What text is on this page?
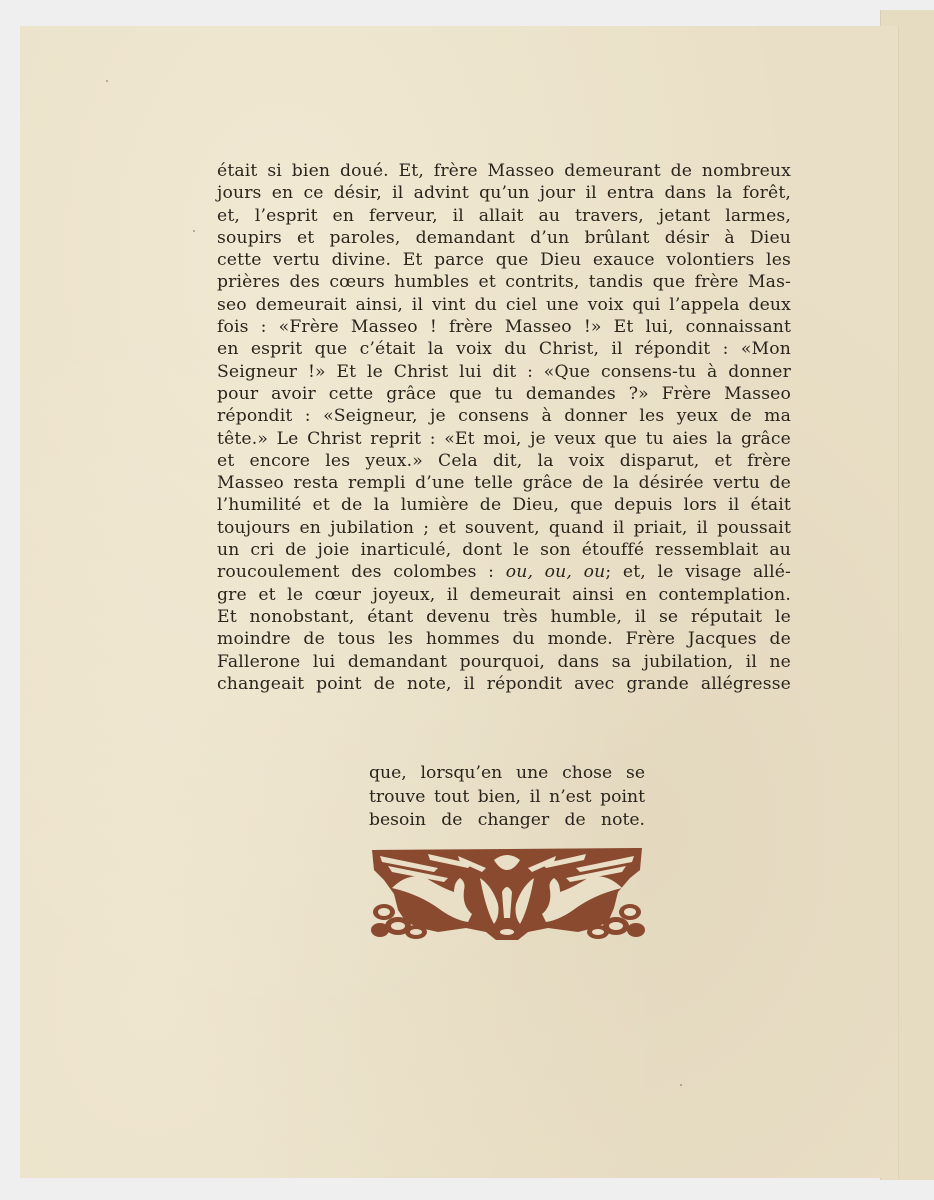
était si bien doué. Et, frère Masseo demeurant de nombreux
jours en ce désir, il advint qu’un jour il entra dans la forêt,
et, l’esprit en ferveur, il allait au travers, jetant larmes,
soupirs et paroles, demandant d’un brûlant désir à Dieu
cette vertu divine. Et parce que Dieu exauce volontiers les
prières des cœurs humbles et contrits, tandis que frère Mas-
seo demeurait ainsi, il vint du ciel une voix qui l’appela deux
fois : «Frère Masseo ! frère Masseo !» Et lui, connaissant
en esprit que c’était la voix du Christ, il répondit : «Mon
Seigneur !» Et le Christ lui dit : «Que consens-tu à donner
pour avoir cette grâce que tu demandes ?» Frère Masseo
répondit : «Seigneur, je consens à donner les yeux de ma
tête.» Le Christ reprit : «Et moi, je veux que tu aies la grâce
et encore les yeux.» Cela dit, la voix disparut, et frère
Masseo resta rempli d’une telle grâce de la désirée vertu de
l’humilité et de la lumière de Dieu, que depuis lors il était
toujours en jubilation ; et souvent, quand il priait, il poussait
un cri de joie inarticulé, dont le son étouffé ressemblait au
roucoulement des colombes : ou, ou, ou; et, le visage allé-
gre et le cœur joyeux, il demeurait ainsi en contemplation.
Et nonobstant, étant devenu très humble, il se réputait le
moindre de tous les hommes du monde. Frère Jacques de
Fallerone lui demandant pourquoi, dans sa jubilation, il ne
changeait point de note, il répondit avec grande allégresse
que, lorsqu’en une chose se
trouve tout bien, il n’est point
besoin de changer de note.
